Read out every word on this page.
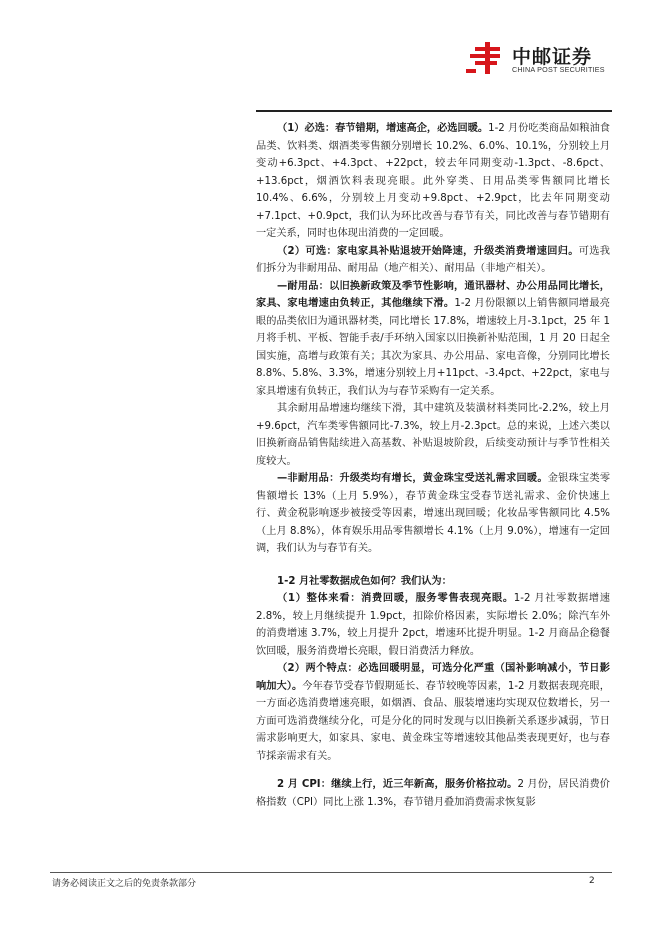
中邮证券
CHINA POST SECURITIES

（1）必选：春节错期，增速高企，必选回暖。1-2 月份吃类商品如粮油食品类、饮料类、烟酒类零售额分别增长 10.2%、6.0%、10.1%，分别较上月变动+6.3pct、+4.3pct、+22pct，较去年同期变动-1.3pct、-8.6pct、+13.6pct，烟酒饮料表现亮眼。此外穿类、日用品类零售额同比增长 10.4%、6.6%，分别较上月变动+9.8pct、+2.9pct，比去年同期变动+7.1pct、+0.9pct，我们认为环比改善与春节有关，同比改善与春节错期有一定关系，同时也体现出消费的一定回暖。

（2）可选：家电家具补贴退坡开始降速，升级类消费增速回归。可选我们拆分为非耐用品、耐用品（地产相关）、耐用品（非地产相关）。

—耐用品：以旧换新政策及季节性影响，通讯器材、办公用品同比增长，家具、家电增速由负转正，其他继续下滑。1-2 月份限额以上销售额同增最亮眼的品类依旧为通讯器材类，同比增长 17.8%，增速较上月-3.1pct，25 年 1 月将手机、平板、智能手表/手环纳入国家以旧换新补贴范围，1 月 20 日起全国实施，高增与政策有关；其次为家具、办公用品、家电音像，分别同比增长 8.8%、5.8%、3.3%，增速分别较上月+11pct、-3.4pct、+22pct，家电与家具增速有负转正，我们认为与春节采购有一定关系。

其余耐用品增速均继续下滑，其中建筑及装潢材料类同比-2.2%，较上月+9.6pct，汽车类零售额同比-7.3%，较上月-2.3pct。总的来说，上述六类以旧换新商品销售陆续进入高基数、补贴退坡阶段，后续变动预计与季节性相关度较大。

—非耐用品：升级类均有增长，黄金珠宝受送礼需求回暖。金银珠宝类零售额增长 13%（上月 5.9%），春节黄金珠宝受春节送礼需求、金价快速上行、黄金税影响逐步被接受等因素，增速出现回暖；化妆品零售额同比 4.5%（上月 8.8%），体育娱乐用品零售额增长 4.1%（上月 9.0%），增速有一定回调，我们认为与春节有关。

1-2 月社零数据成色如何？我们认为：

（1）整体来看：消费回暖，服务零售表现亮眼。1-2 月社零数据增速 2.8%，较上月继续提升 1.9pct，扣除价格因素，实际增长 2.0%；除汽车外的消费增速 3.7%，较上月提升 2pct，增速环比提升明显。1-2 月商品企稳餐饮回暖，服务消费增长亮眼，假日消费活力释放。

（2）两个特点：必选回暖明显，可选分化严重（国补影响减小，节日影响加大）。今年春节受春节假期延长、春节较晚等因素，1-2 月数据表现亮眼，一方面必选消费增速亮眼，如烟酒、食品、服装增速均实现双位数增长，另一方面可选消费继续分化，可是分化的同时发现与以旧换新关系逐步减弱，节日需求影响更大，如家具、家电、黄金珠宝等增速较其他品类表现更好，也与春节採亲需求有关。

2 月 CPI：继续上行，近三年新高，服务价格拉动。2 月份，居民消费价格指数（CPI）同比上涨 1.3%，春节错月叠加消费需求恢复影

请务必阅读正文之后的免责条款部分	2
